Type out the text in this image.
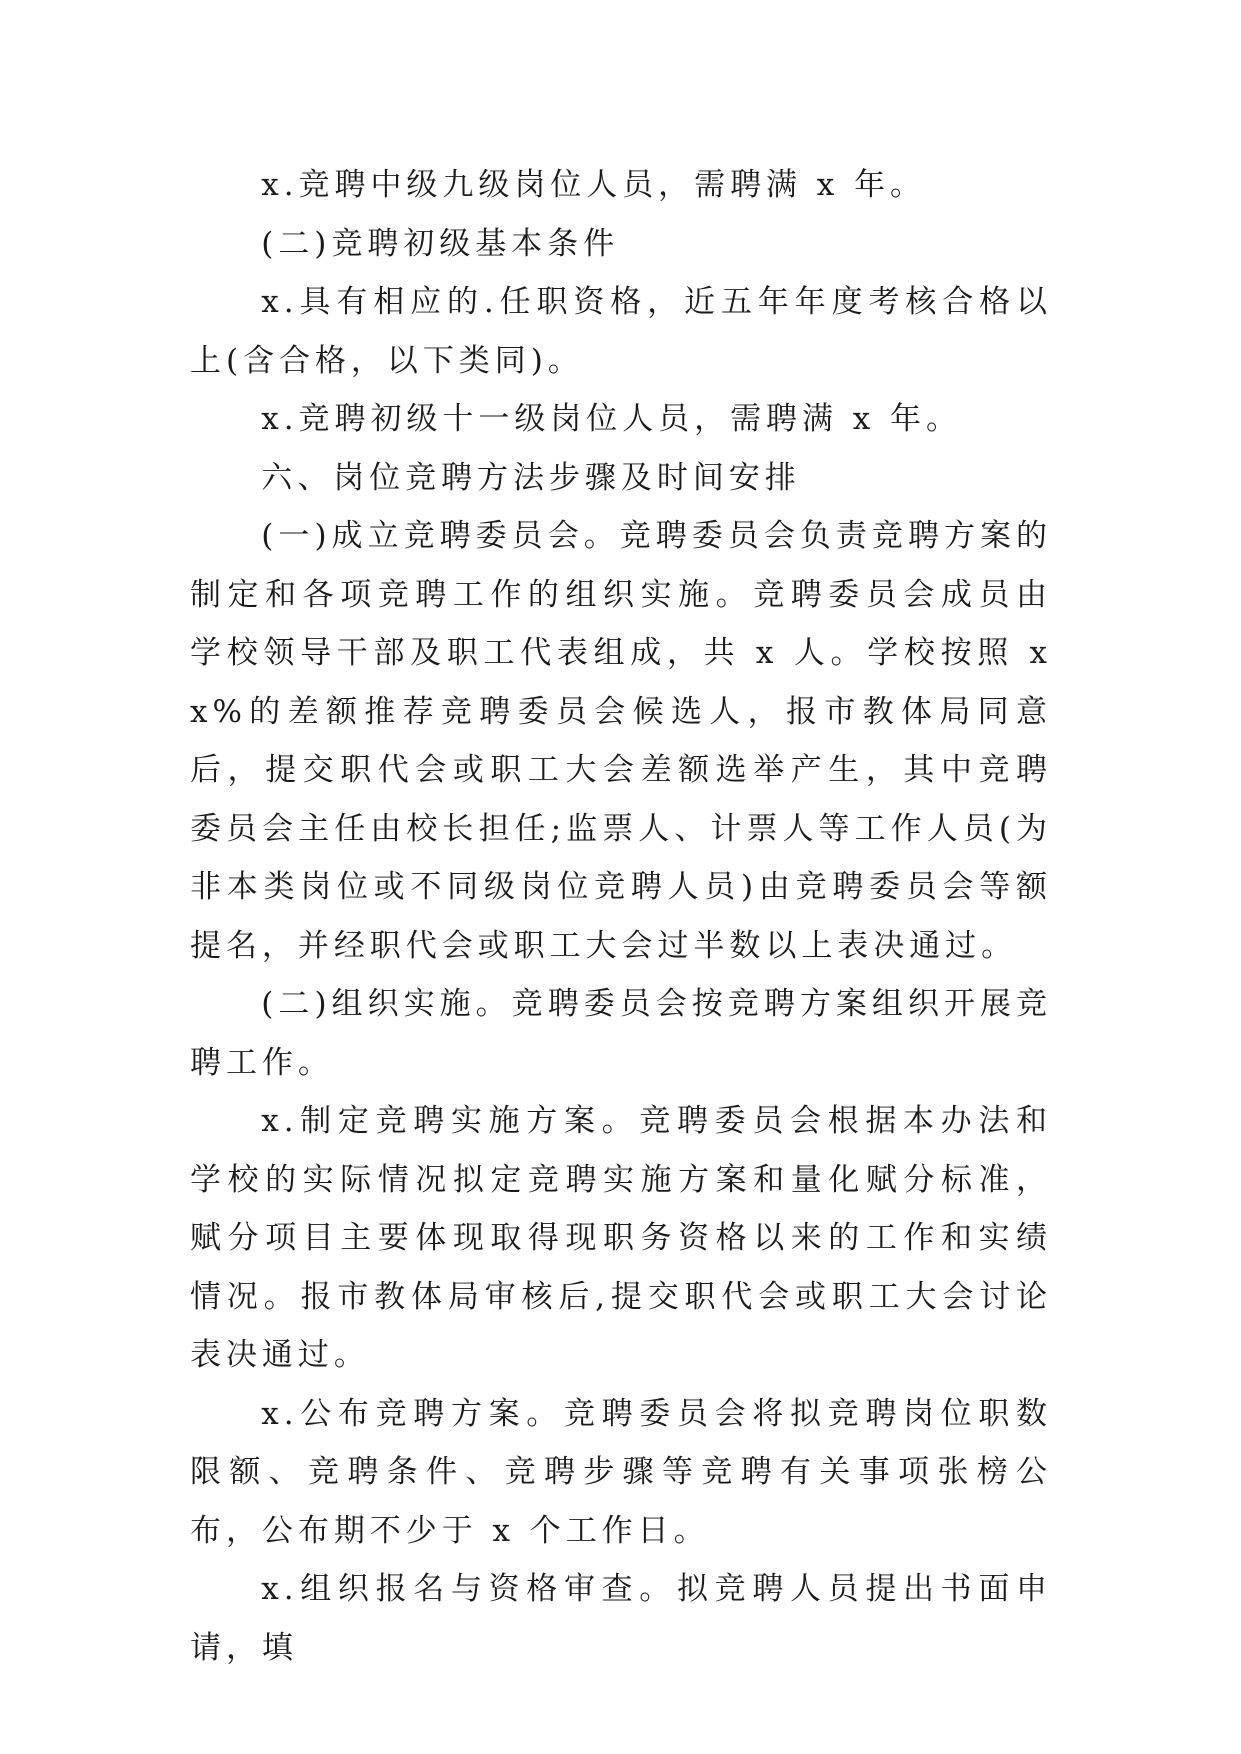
x.竞聘中级九级岗位人员，需聘满 x 年。

(二)竞聘初级基本条件

x.具有相应的.任职资格，近五年年度考核合格以上(含合格，以下类同)。

x.竞聘初级十一级岗位人员，需聘满 x 年。

六、岗位竞聘方法步骤及时间安排

(一)成立竞聘委员会。竞聘委员会负责竞聘方案的制定和各项竞聘工作的组织实施。竞聘委员会成员由学校领导干部及职工代表组成，共 x 人。学校按照 xx%的差额推荐竞聘委员会候选人，报市教体局同意后，提交职代会或职工大会差额选举产生，其中竞聘委员会主任由校长担任;监票人、计票人等工作人员(为非本类岗位或不同级岗位竞聘人员)由竞聘委员会等额提名，并经职代会或职工大会过半数以上表决通过。

(二)组织实施。竞聘委员会按竞聘方案组织开展竞聘工作。

x.制定竞聘实施方案。竞聘委员会根据本办法和学校的实际情况拟定竞聘实施方案和量化赋分标准，赋分项目主要体现取得现职务资格以来的工作和实绩情况。报市教体局审核后,提交职代会或职工大会讨论表决通过。

x.公布竞聘方案。竞聘委员会将拟竞聘岗位职数限额、竞聘条件、竞聘步骤等竞聘有关事项张榜公布，公布期不少于 x 个工作日。

x.组织报名与资格审查。拟竞聘人员提出书面申请，填
